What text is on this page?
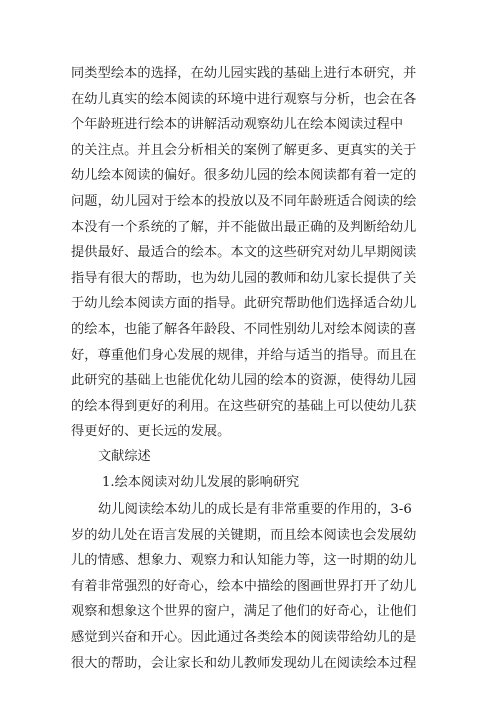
同类型绘本的选择，在幼儿园实践的基础上进行本研究，并
在幼儿真实的绘本阅读的环境中进行观察与分析，也会在各
个年龄班进行绘本的讲解活动观察幼儿在绘本阅读过程中
的关注点。并且会分析相关的案例了解更多、更真实的关于
幼儿绘本阅读的偏好。很多幼儿园的绘本阅读都有着一定的
问题，幼儿园对于绘本的投放以及不同年龄班适合阅读的绘
本没有一个系统的了解，并不能做出最正确的及判断给幼儿
提供最好、最适合的绘本。本文的这些研究对幼儿早期阅读
指导有很大的帮助，也为幼儿园的教师和幼儿家长提供了关
于幼儿绘本阅读方面的指导。此研究帮助他们选择适合幼儿
的绘本，也能了解各年龄段、不同性别幼儿对绘本阅读的喜
好，尊重他们身心发展的规律，并给与适当的指导。而且在
此研究的基础上也能优化幼儿园的绘本的资源，使得幼儿园
的绘本得到更好的利用。在这些研究的基础上可以使幼儿获
得更好的、更长远的发展。

文献综述

1.绘本阅读对幼儿发展的影响研究

幼儿阅读绘本幼儿的成长是有非常重要的作用的，3-6
岁的幼儿处在语言发展的关键期，而且绘本阅读也会发展幼
儿的情感、想象力、观察力和认知能力等，这一时期的幼儿
有着非常强烈的好奇心，绘本中描绘的图画世界打开了幼儿
观察和想象这个世界的窗户，满足了他们的好奇心，让他们
感觉到兴奋和开心。因此通过各类绘本的阅读带给幼儿的是
很大的帮助，会让家长和幼儿教师发现幼儿在阅读绘本过程
